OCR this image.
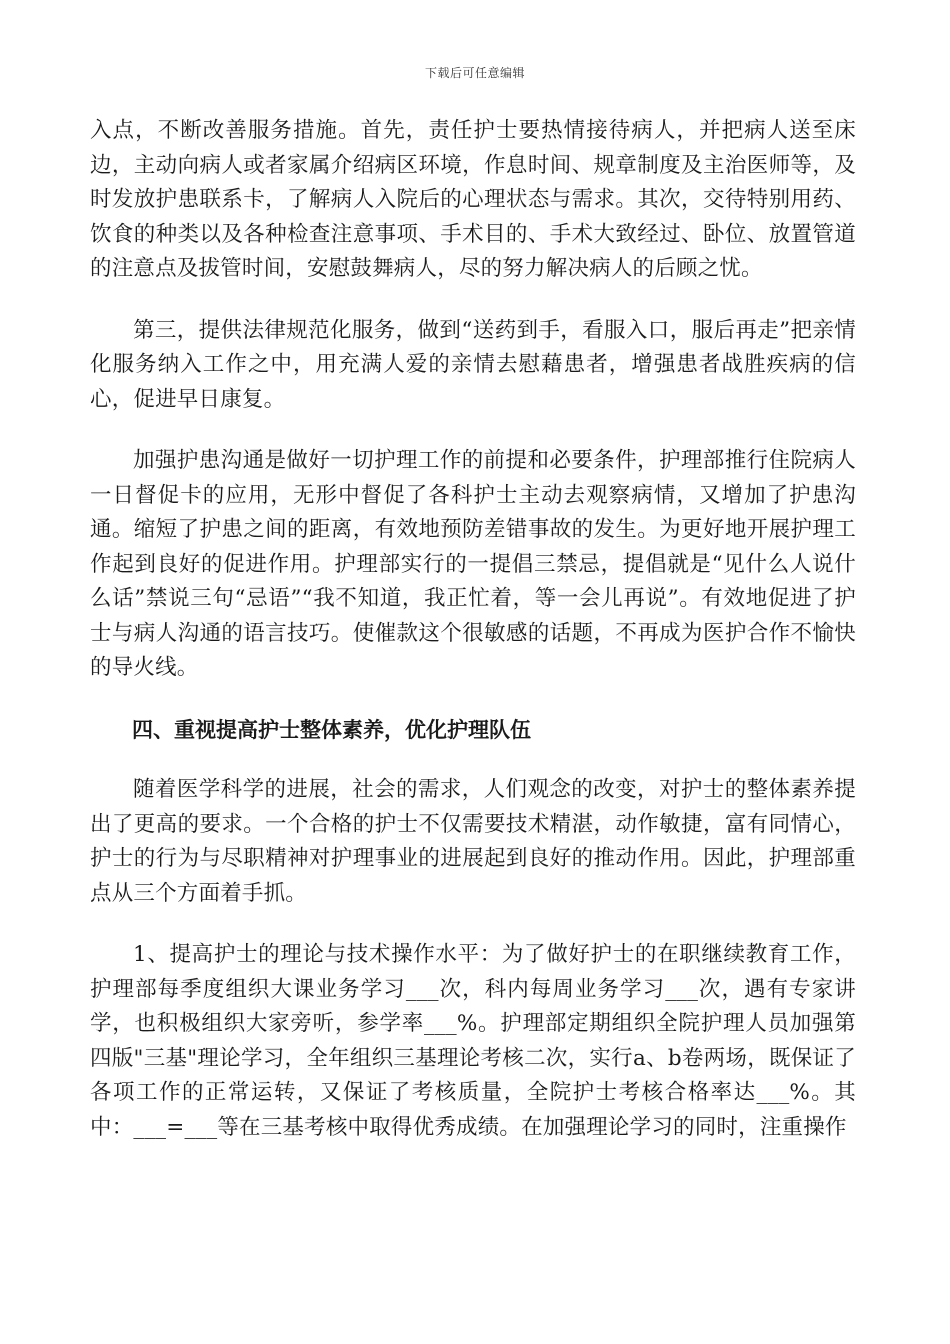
下载后可任意编辑

入点，不断改善服务措施。首先，责任护士要热情接待病人，并把病人送至床边，主动向病人或者家属介绍病区环境，作息时间、规章制度及主治医师等，及时发放护患联系卡，了解病人入院后的心理状态与需求。其次，交待特别用药、饮食的种类以及各种检查注意事项、手术目的、手术大致经过、卧位、放置管道的注意点及拔管时间，安慰鼓舞病人，尽的努力解决病人的后顾之忧。

第三，提供法律规范化服务，做到“送药到手，看服入口，服后再走”把亲情化服务纳入工作之中，用充满人爱的亲情去慰藉患者，增强患者战胜疾病的信心，促进早日康复。

加强护患沟通是做好一切护理工作的前提和必要条件，护理部推行住院病人一日督促卡的应用，无形中督促了各科护士主动去观察病情，又增加了护患沟通。缩短了护患之间的距离，有效地预防差错事故的发生。为更好地开展护理工作起到良好的促进作用。护理部实行的一提倡三禁忌，提倡就是“见什么人说什么话”禁说三句“忌语”“我不知道，我正忙着，等一会儿再说”。有效地促进了护士与病人沟通的语言技巧。使催款这个很敏感的话题，不再成为医护合作不愉快的导火线。

四、重视提高护士整体素养，优化护理队伍

随着医学科学的进展，社会的需求，人们观念的改变，对护士的整体素养提出了更高的要求。一个合格的护士不仅需要技术精湛，动作敏捷，富有同情心，护士的行为与尽职精神对护理事业的进展起到良好的推动作用。因此，护理部重点从三个方面着手抓。

1、提高护士的理论与技术操作水平：为了做好护士的在职继续教育工作，护理部每季度组织大课业务学习___次，科内每周业务学习___次，遇有专家讲学，也积极组织大家旁听，参学率___%。护理部定期组织全院护理人员加强第四版"三基"理论学习，全年组织三基理论考核二次，实行a、b卷两场，既保证了各项工作的正常运转，又保证了考核质量，全院护士考核合格率达___%。其中：___=___等在三基考核中取得优秀成绩。在加强理论学习的同时，注重操作
